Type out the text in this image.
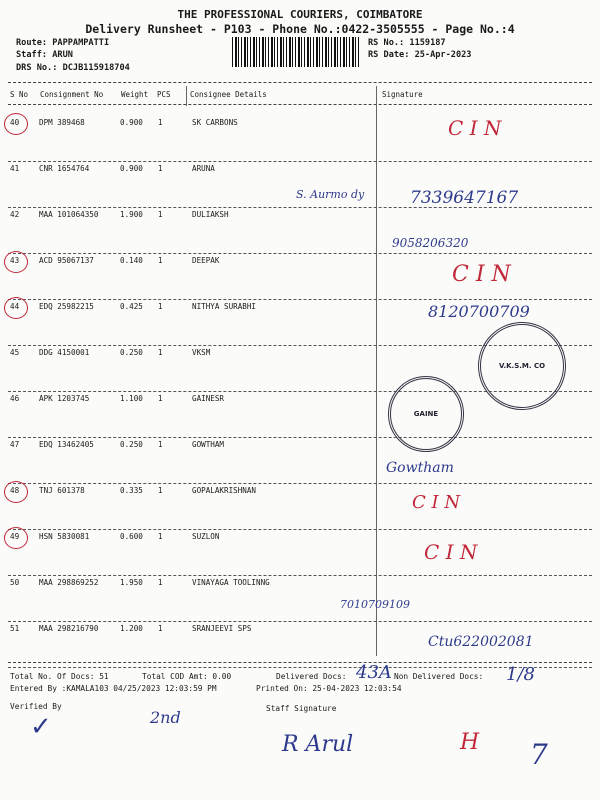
THE PROFESSIONAL COURIERS, COIMBATORE
Delivery Runsheet - P103 - Phone No.:0422-3505555 - Page No.:4
Route: PAPPAMPATTI
Staff: ARUN
DRS No.: DCJB115918704
RS No.: 1159187
RS Date: 25-Apr-2023
S No Consignment No Weight PCS	Consignee Details	Signature
40	DPM 389468	0.900 1	SK CARBONS
41	CNR 1654764	0.900 1	ARUNA
42	MAA 101064350	1.900 1	DULIAKSH
43	ACD 95067137	0.140 1	DEEPAK
44	EDQ 25982215	0.425 1	NITHYA SURABHI
45	DDG 4150001	0.250 1	VKSM
46	APK 1203745	1.100 1	GAINESR
47	EDQ 13462405	0.250 1	GOWTHAM
48	TNJ 601378	0.335 1	GOPALAKRISHNAN
49	HSN 5830081	0.600 1	SUZLON
50	MAA 298869252	1.950 1	VINAYAGA TOOLINNG
51	MAA 298216790	1.200 1	SRANJEEVI SPS
V.K.S.M. CO
GAINE
C I N
S. Aurmo dy	7339647167
9058206320
C I N
8120700709
Gowtham
C I N
C I N
7010709109
Ctu622002081
Total No. Of Docs: 51	Total COD Amt: 0.00	Delivered Docs:	Non Delivered Docs:
43A	1/8
Entered By :KAMALA103 04/25/2023 12:03:59 PM	Printed On: 25-04-2023 12:03:54
Verified By	Staff Signature
2nd
R Arul	H 7
✓
